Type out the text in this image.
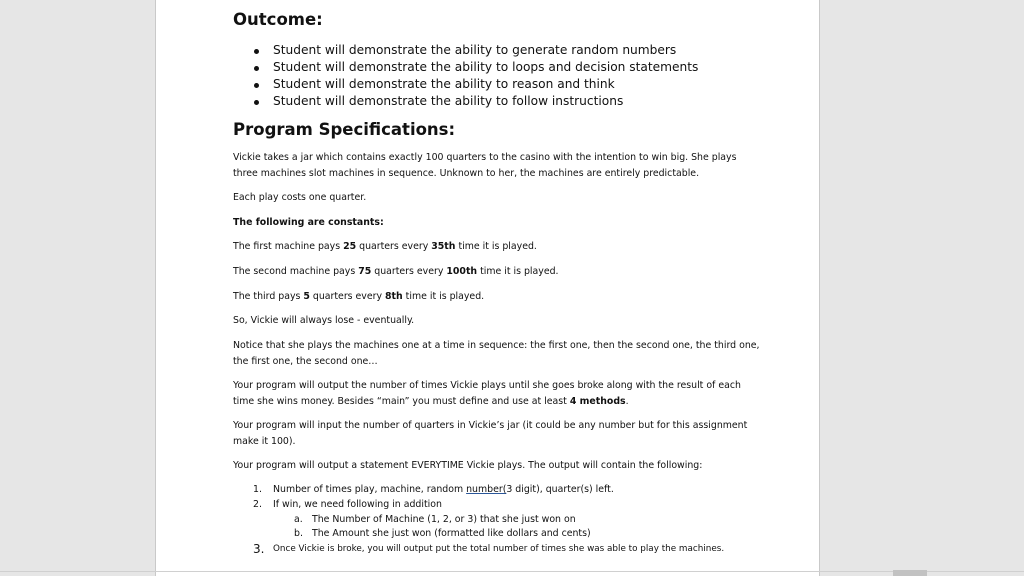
Outcome:
Student will demonstrate the ability to generate random numbers
Student will demonstrate the ability to loops and decision statements
Student will demonstrate the ability to reason and think
Student will demonstrate the ability to follow instructions
Program Specifications:

Vickie takes a jar which contains exactly 100 quarters to the casino with the intention to win big. She plays three machines slot machines in sequence. Unknown to her, the machines are entirely predictable.

Each play costs one quarter.

The following are constants:

The first machine pays 25 quarters every 35th time it is played.

The second machine pays 75 quarters every 100th time it is played.

The third pays 5 quarters every 8th time it is played.

So, Vickie will always lose - eventually.

Notice that she plays the machines one at a time in sequence: the first one, then the second one, the third one, the first one, the second one…

Your program will output the number of times Vickie plays until she goes broke along with the result of each time she wins money. Besides “main” you must define and use at least 4 methods.

Your program will input the number of quarters in Vickie’s jar (it could be any number but for this assignment make it 100).

Your program will output a statement EVERYTIME Vickie plays. The output will contain the following:

1. Number of times play, machine, random number(3 digit), quarter(s) left.
2. If win, we need following in addition
a. The Number of Machine (1, 2, or 3) that she just won on
b. The Amount she just won (formatted like dollars and cents)
3. Once Vickie is broke, you will output put the total number of times she was able to play the machines.
